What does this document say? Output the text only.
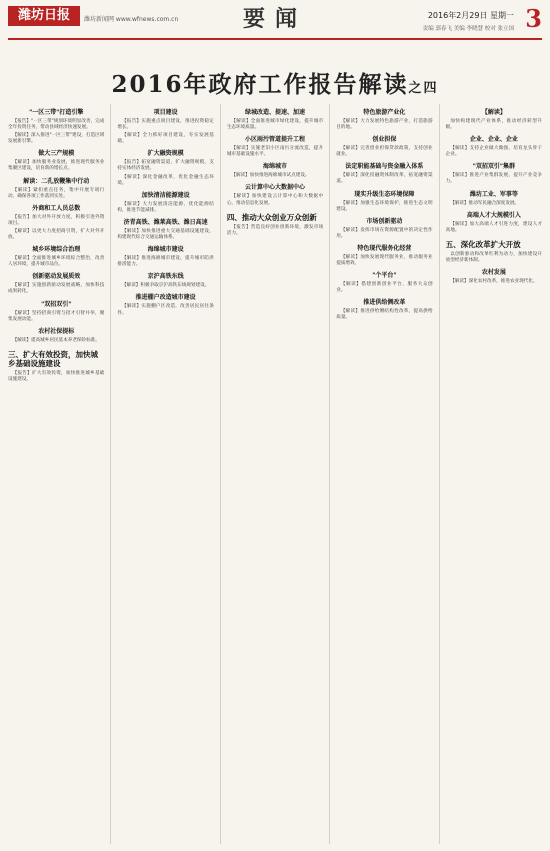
潍坊日报	潍坊新闻网 www.wfnews.com.cn	要闻	2016年2月29日 星期一
责编 郭春飞 美编 李晓慧 校对 张立国 3
2016年政府工作报告解读之四
"一区三带"打造引擎

【报告】"一区三带"规划环境明显改善，完成全年投资任务，带动县域经济快速发展。

【解读】深入推进"一区三带"建设，打造区域发展新引擎。

做大三产规模

【解读】加快服务业发展，推进现代服务业集聚区建设，培育新的增长点。

解读：二孔放鞭集中行动

【解读】紧扣重点任务，集中开展专项行动，确保各项工作落到实处。

外商和工人员总数

【报告】加大对外开放力度，积极引进外资项目。

【解读】以更大力度招商引资，扩大对外开放。

城乡环境综合治理

【解读】全面推进城乡环境综合整治，改善人居环境，提升城市品位。

创新驱动发展质效

【解读】实施创新驱动发展战略，加快科技成果转化。

"双招双引"

【解读】坚持招商引资与招才引智并举，聚集发展动能。

农村社保提标

【解读】提高城乡居民基本养老保险标准。

三、扩大有效投资，加快城乡基础设施建设

【报告】扩大有效投资，加快推进城乡基础设施建设。

项目建设

【报告】实施重点项目建设，推进投资稳定增长。

【解读】全力抓好项目建设，夯实发展基础。

扩大融资规模

【报告】拓宽融资渠道，扩大融资规模，支持实体经济发展。

【解读】深化金融改革，优化金融生态环境。

加快清洁能源建设

【解读】大力发展清洁能源，优化能源结构，推进节能减排。

济青高铁、潍莱高铁、潍日高速

【解读】加快推进重大交通基础设施建设，构建现代综合交通运输体系。

海绵城市建设

【解读】推进海绵城市建设，提升城市防洪排涝能力。

京沪高铁东线

【解读】积极争取京沪高铁东线规划建设。

推进棚户改造城市建设

【解读】实施棚户区改造，改善居民居住条件。

绿城改造、提速、加速

【解读】全面推进城市绿化建设，提升城市生态环境质量。

小区雨污管道提升工程

【解读】实施老旧小区雨污分流改造，提升城市基础设施水平。

海绵城市

【解读】加快推进海绵城市试点建设。

云计算中心大数据中心

【解读】加快建设云计算中心和大数据中心，推动信息化发展。

四、推动大众创业万众创新

【报告】营造良好创业创新环境，激发市场活力。

特色旅游产业化

【解读】大力发展特色旅游产业，打造旅游目的地。

创业担保

【解读】完善创业担保贷款政策，支持创业就业。

法定职能基础与资金融入体系

【解读】深化投融资体制改革，拓宽融资渠道。

现实升级生态环境保障

【解读】加强生态环境保护，推进生态文明建设。

市场创新驱动

【解读】发挥市场在资源配置中的决定性作用。

特色现代服务化经营

【解读】加快发展现代服务业，推动服务业提质增效。

"个平台"

【解读】搭建创新创业平台，服务大众创业。

推进供给侧改革

【解读】推进供给侧结构性改革，提高供给质量。

【解读】

加快构建现代产业体系，推动经济转型升级。

企业、企业、企业

【解读】支持企业做大做强，培育龙头骨干企业。

"双招双引"集群

【解读】推进产业集群发展，提升产业竞争力。

潍坊工业、军事等

【解读】推动军民融合深度发展。

高端人才大规模引入

【解读】加大高端人才引进力度，建设人才高地。

五、深化改革扩大开放

以创新驱动和改革红利为动力，加快建设开放型经济新体制。

农村发展

【解读】深化农村改革，推进农业现代化。
